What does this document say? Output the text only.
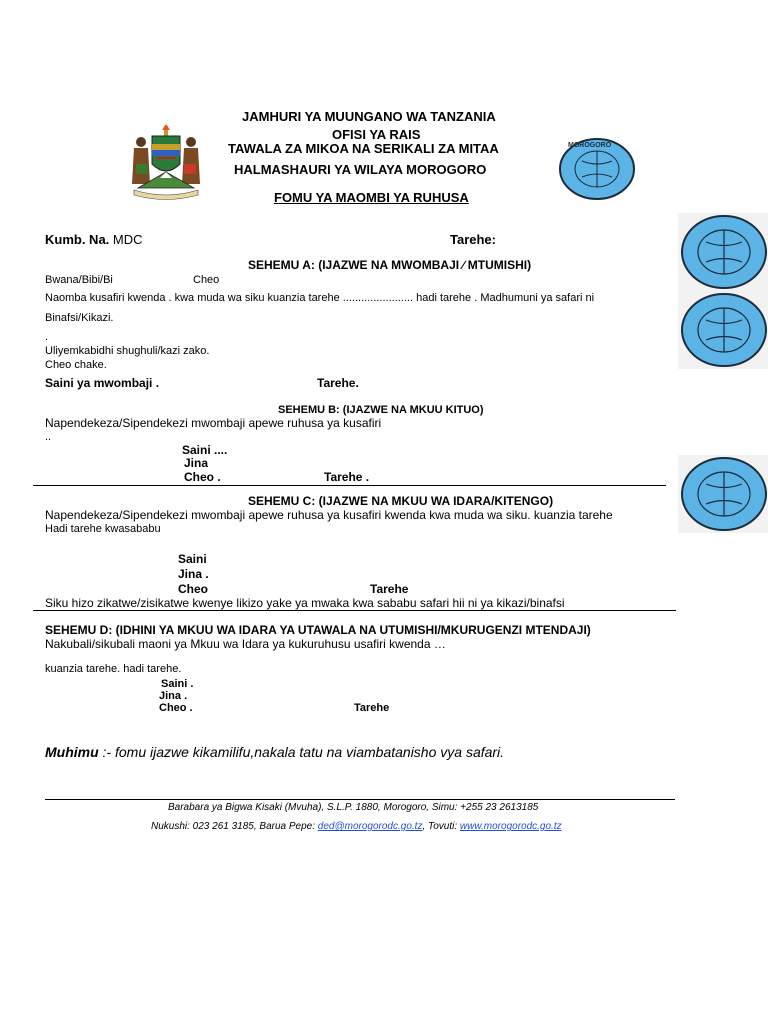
JAMHURI YA MUUNGANO WA TANZANIA
OFISI YA RAIS
TAWALA ZA MIKOA NA SERIKALI ZA MITAA
HALMASHAURI YA WILAYA MOROGORO
FOMU YA MAOMBI YA RUHUSA
MOROGORO
Kumb. Na. MDC	Tarehe:
SEHEMU A: (IJAZWE NA MWOMBAJI ∕ MTUMISHI)
Bwana/Bibi/Bi	Cheo
Naomba kusafiri kwenda . kwa muda wa siku kuanzia tarehe ....................... hadi tarehe . Madhumuni ya safari ni
Binafsi/Kikazi.
.
Uliyemkabidhi shughuli/kazi zako.
Cheo chake.
Saini ya mwombaji .	Tarehe.
SEHEMU B: (IJAZWE NA MKUU KITUO)
Napendekeza/Sipendekezi mwombaji apewe ruhusa ya kusafiri
..
Saini ....
Jina
Cheo .	Tarehe .
SEHEMU C: (IJAZWE NA MKUU WA IDARA/KITENGO)
Napendekeza/Sipendekezi mwombaji apewe ruhusa ya kusafiri kwenda kwa muda wa siku. kuanzia tarehe
Hadi tarehe kwasababu
Saini
Jina .
Cheo	Tarehe
Siku hizo zikatwe/zisikatwe kwenye likizo yake ya mwaka kwa sababu safari hii ni ya kikazi/binafsi
SEHEMU D: (IDHINI YA MKUU WA IDARA YA UTAWALA NA UTUMISHI/MKURUGENZI MTENDAJI)
Nakubali/sikubali maoni ya Mkuu wa Idara ya kukuruhusu usafiri kwenda …
kuanzia tarehe. hadi tarehe.
Saini .
Jina .
Cheo .	Tarehe
Muhimu :- fomu ijazwe kikamilifu,nakala tatu na viambatanisho vya safari.
Barabara ya Bigwa Kisaki (Mvuha), S.L.P. 1880, Morogoro, Simu: +255 23 2613185
Nukushi: 023 261 3185, Barua Pepe: ded@morogorodc.go.tz, Tovuti: www.morogorodc.go.tz
